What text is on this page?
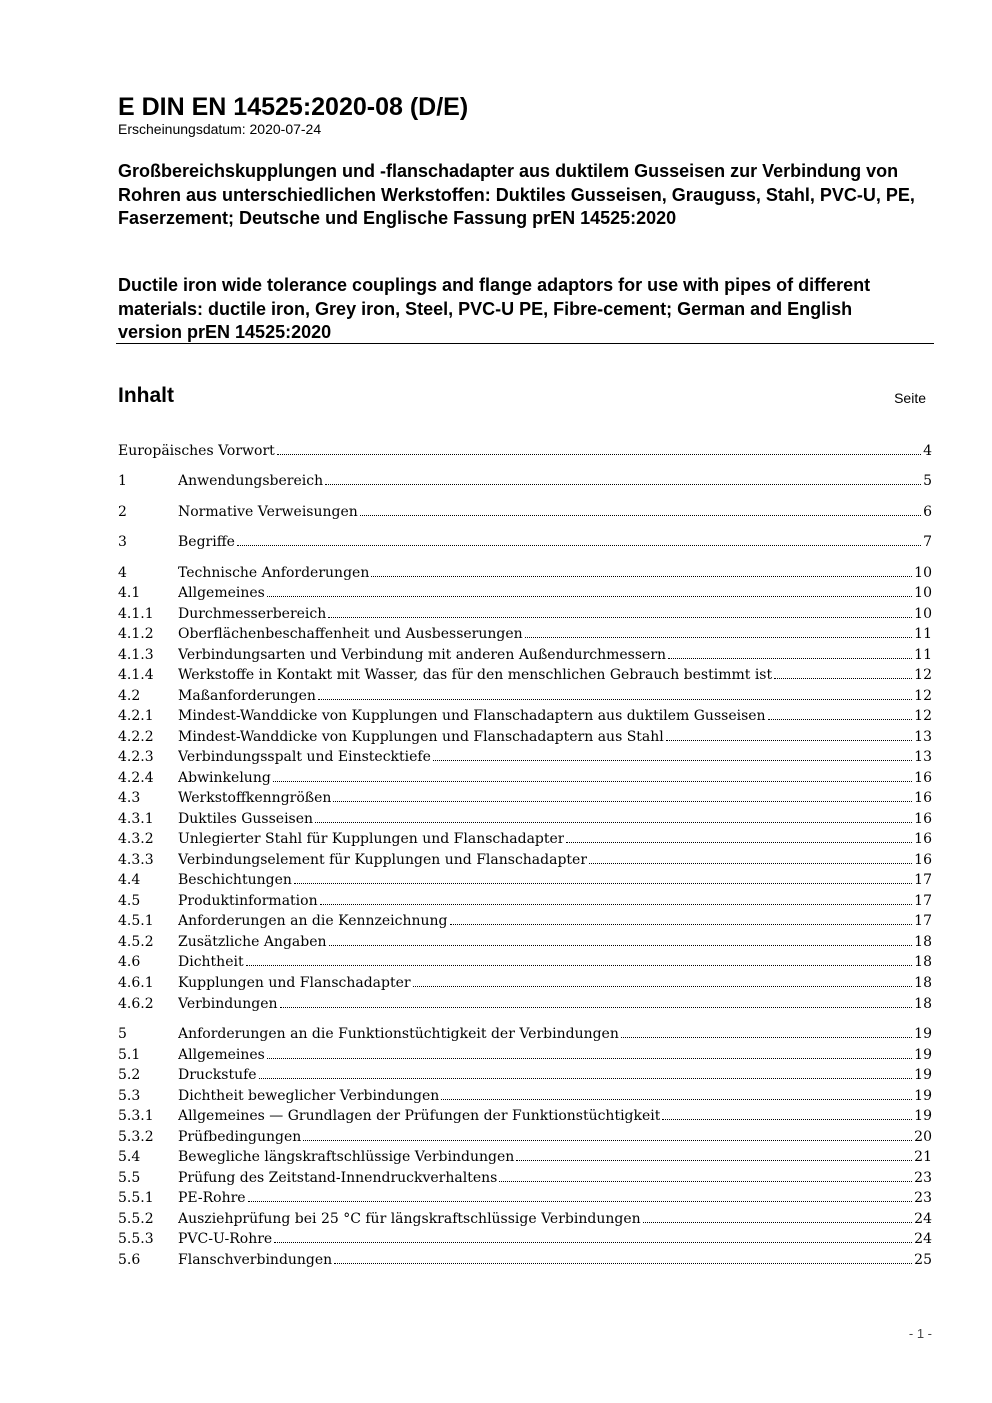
E DIN EN 14525:2020-08 (D/E)
Erscheinungsdatum: 2020-07-24

Großbereichskupplungen und -flanschadapter aus duktilem Gusseisen zur Verbindung von Rohren aus unterschiedlichen Werkstoffen: Duktiles Gusseisen, Grauguss, Stahl, PVC-U, PE, Faserzement; Deutsche und Englische Fassung prEN 14525:2020

Ductile iron wide tolerance couplings and flange adaptors for use with pipes of different materials: ductile iron, Grey iron, Steel, PVC-U PE, Fibre-cement; German and English version prEN 14525:2020

Inhalt	Seite
Europäisches Vorwort	4
1	Anwendungsbereich	5
2	Normative Verweisungen	6
3	Begriffe	7
4	Technische Anforderungen	10
4.1	Allgemeines	10
4.1.1	Durchmesserbereich	10
4.1.2	Oberflächenbeschaffenheit und Ausbesserungen	11
4.1.3	Verbindungsarten und Verbindung mit anderen Außendurchmessern	11
4.1.4	Werkstoffe in Kontakt mit Wasser, das für den menschlichen Gebrauch bestimmt ist	12
4.2	Maßanforderungen	12
4.2.1	Mindest-Wanddicke von Kupplungen und Flanschadaptern aus duktilem Gusseisen	12
4.2.2	Mindest-Wanddicke von Kupplungen und Flanschadaptern aus Stahl	13
4.2.3	Verbindungsspalt und Einstecktiefe	13
4.2.4	Abwinkelung	16
4.3	Werkstoffkenngrößen	16
4.3.1	Duktiles Gusseisen	16
4.3.2	Unlegierter Stahl für Kupplungen und Flanschadapter	16
4.3.3	Verbindungselement für Kupplungen und Flanschadapter	16
4.4	Beschichtungen	17
4.5	Produktinformation	17
4.5.1	Anforderungen an die Kennzeichnung	17
4.5.2	Zusätzliche Angaben	18
4.6	Dichtheit	18
4.6.1	Kupplungen und Flanschadapter	18
4.6.2	Verbindungen	18
5	Anforderungen an die Funktionstüchtigkeit der Verbindungen	19
5.1	Allgemeines	19
5.2	Druckstufe	19
5.3	Dichtheit beweglicher Verbindungen	19
5.3.1	Allgemeines — Grundlagen der Prüfungen der Funktionstüchtigkeit	19
5.3.2	Prüfbedingungen	20
5.4	Bewegliche längskraftschlüssige Verbindungen	21
5.5	Prüfung des Zeitstand-Innendruckverhaltens	23
5.5.1	PE-Rohre	23
5.5.2	Ausziehprüfung bei 25 °C für längskraftschlüssige Verbindungen	24
5.5.3	PVC-U-Rohre	24
5.6	Flanschverbindungen	25
- 1 -
